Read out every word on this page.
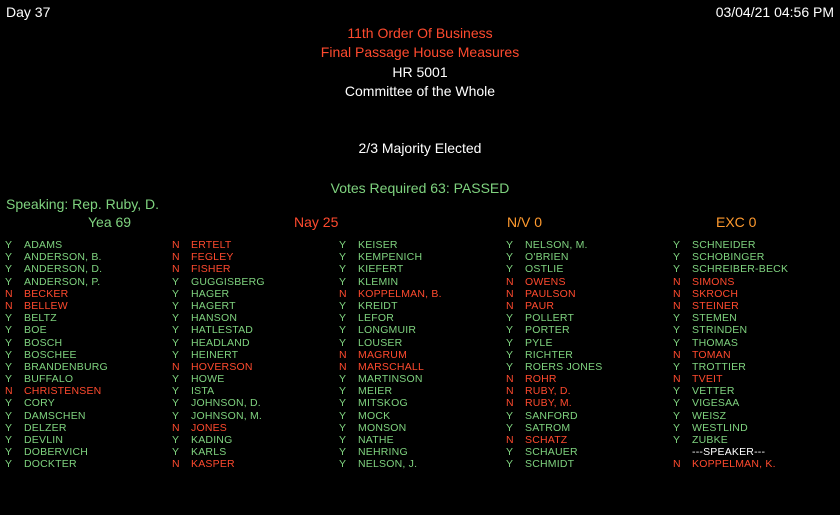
Day 37	03/04/21 04:56 PM
11th Order Of Business
Final Passage House Measures
HR 5001
Committee of the Whole
2/3 Majority Elected
Votes Required 63: PASSED
Speaking: Rep. Ruby, D.
Yea 69	Nay 25	N/V 0	EXC 0
Y ADAMS
Y ANDERSON, B.
Y ANDERSON, D.
Y ANDERSON, P.
N BECKER
N BELLEW
Y BELTZ
Y BOE
Y BOSCH
Y BOSCHEE
Y BRANDENBURG
Y BUFFALO
N CHRISTENSEN
Y CORY
Y DAMSCHEN
Y DELZER
Y DEVLIN
Y DOBERVICH
Y DOCKTER
N ERTELT
N FEGLEY
N FISHER
Y GUGGISBERG
Y HAGER
Y HAGERT
Y HANSON
Y HATLESTAD
Y HEADLAND
Y HEINERT
N HOVERSON
Y HOWE
Y ISTA
Y JOHNSON, D.
Y JOHNSON, M.
N JONES
Y KADING
Y KARLS
N KASPER
Y KEISER
Y KEMPENICH
Y KIEFERT
Y KLEMIN
N KOPPELMAN, B.
Y KREIDT
Y LEFOR
Y LONGMUIR
Y LOUSER
N MAGRUM
N MARSCHALL
Y MARTINSON
Y MEIER
Y MITSKOG
Y MOCK
Y MONSON
Y NATHE
Y NEHRING
Y NELSON, J.
Y NELSON, M.
Y O'BRIEN
Y OSTLIE
N OWENS
N PAULSON
N PAUR
Y POLLERT
Y PORTER
Y PYLE
Y RICHTER
Y ROERS JONES
N ROHR
N RUBY, D.
N RUBY, M.
Y SANFORD
Y SATROM
N SCHATZ
Y SCHAUER
Y SCHMIDT
Y SCHNEIDER
Y SCHOBINGER
Y SCHREIBER-BECK
N SIMONS
N SKROCH
N STEINER
Y STEMEN
Y STRINDEN
Y THOMAS
N TOMAN
Y TROTTIER
N TVEIT
Y VETTER
Y VIGESAA
Y WEISZ
Y WESTLIND
Y ZUBKE
---SPEAKER---
N KOPPELMAN, K.
